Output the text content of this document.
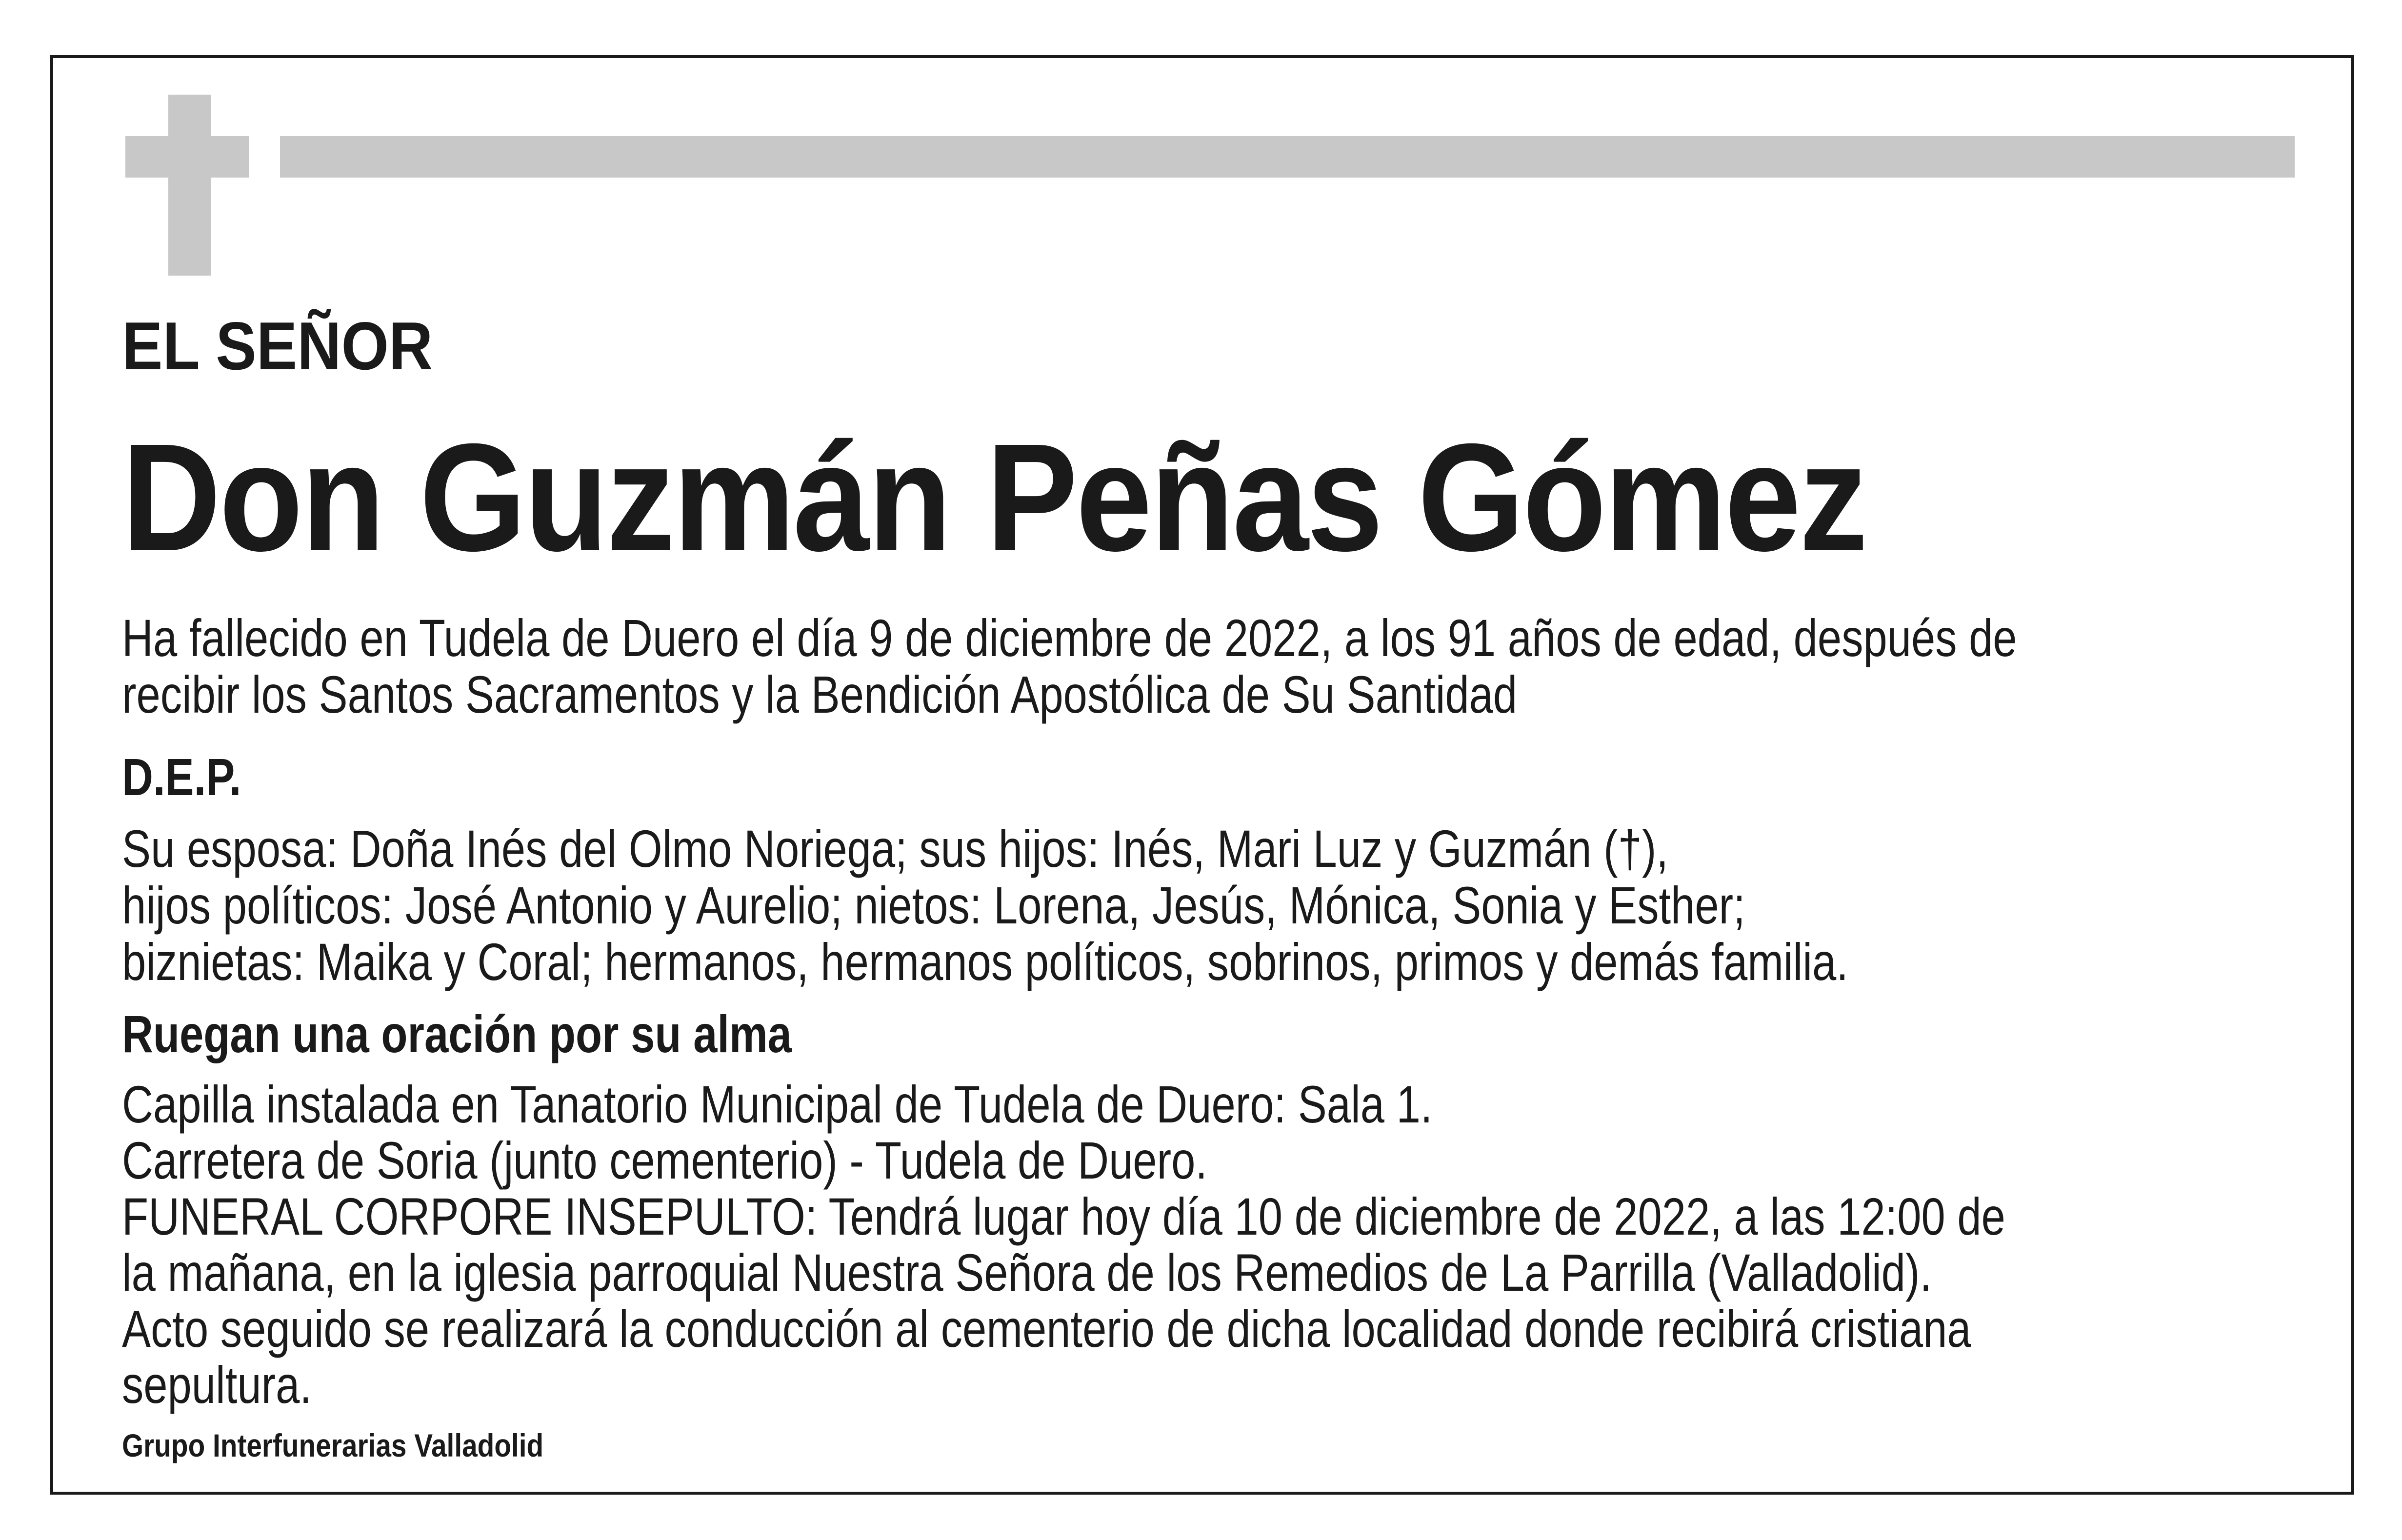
EL SEÑOR
Don Guzmán Peñas Gómez
Ha fallecido en Tudela de Duero el día 9 de diciembre de 2022, a los 91 años de edad, después de
recibir los Santos Sacramentos y la Bendición Apostólica de Su Santidad
D.E.P.
Su esposa: Doña Inés del Olmo Noriega; sus hijos: Inés, Mari Luz y Guzmán (†),
hijos políticos: José Antonio y Aurelio; nietos: Lorena, Jesús, Mónica, Sonia y Esther;
biznietas: Maika y Coral; hermanos, hermanos políticos, sobrinos, primos y demás familia.
Ruegan una oración por su alma
Capilla instalada en Tanatorio Municipal de Tudela de Duero: Sala 1.
Carretera de Soria (junto cementerio) - Tudela de Duero.
FUNERAL CORPORE INSEPULTO: Tendrá lugar hoy día 10 de diciembre de 2022, a las 12:00 de
la mañana, en la iglesia parroquial Nuestra Señora de los Remedios de La Parrilla (Valladolid).
Acto seguido se realizará la conducción al cementerio de dicha localidad donde recibirá cristiana
sepultura.
Grupo Interfunerarias Valladolid
